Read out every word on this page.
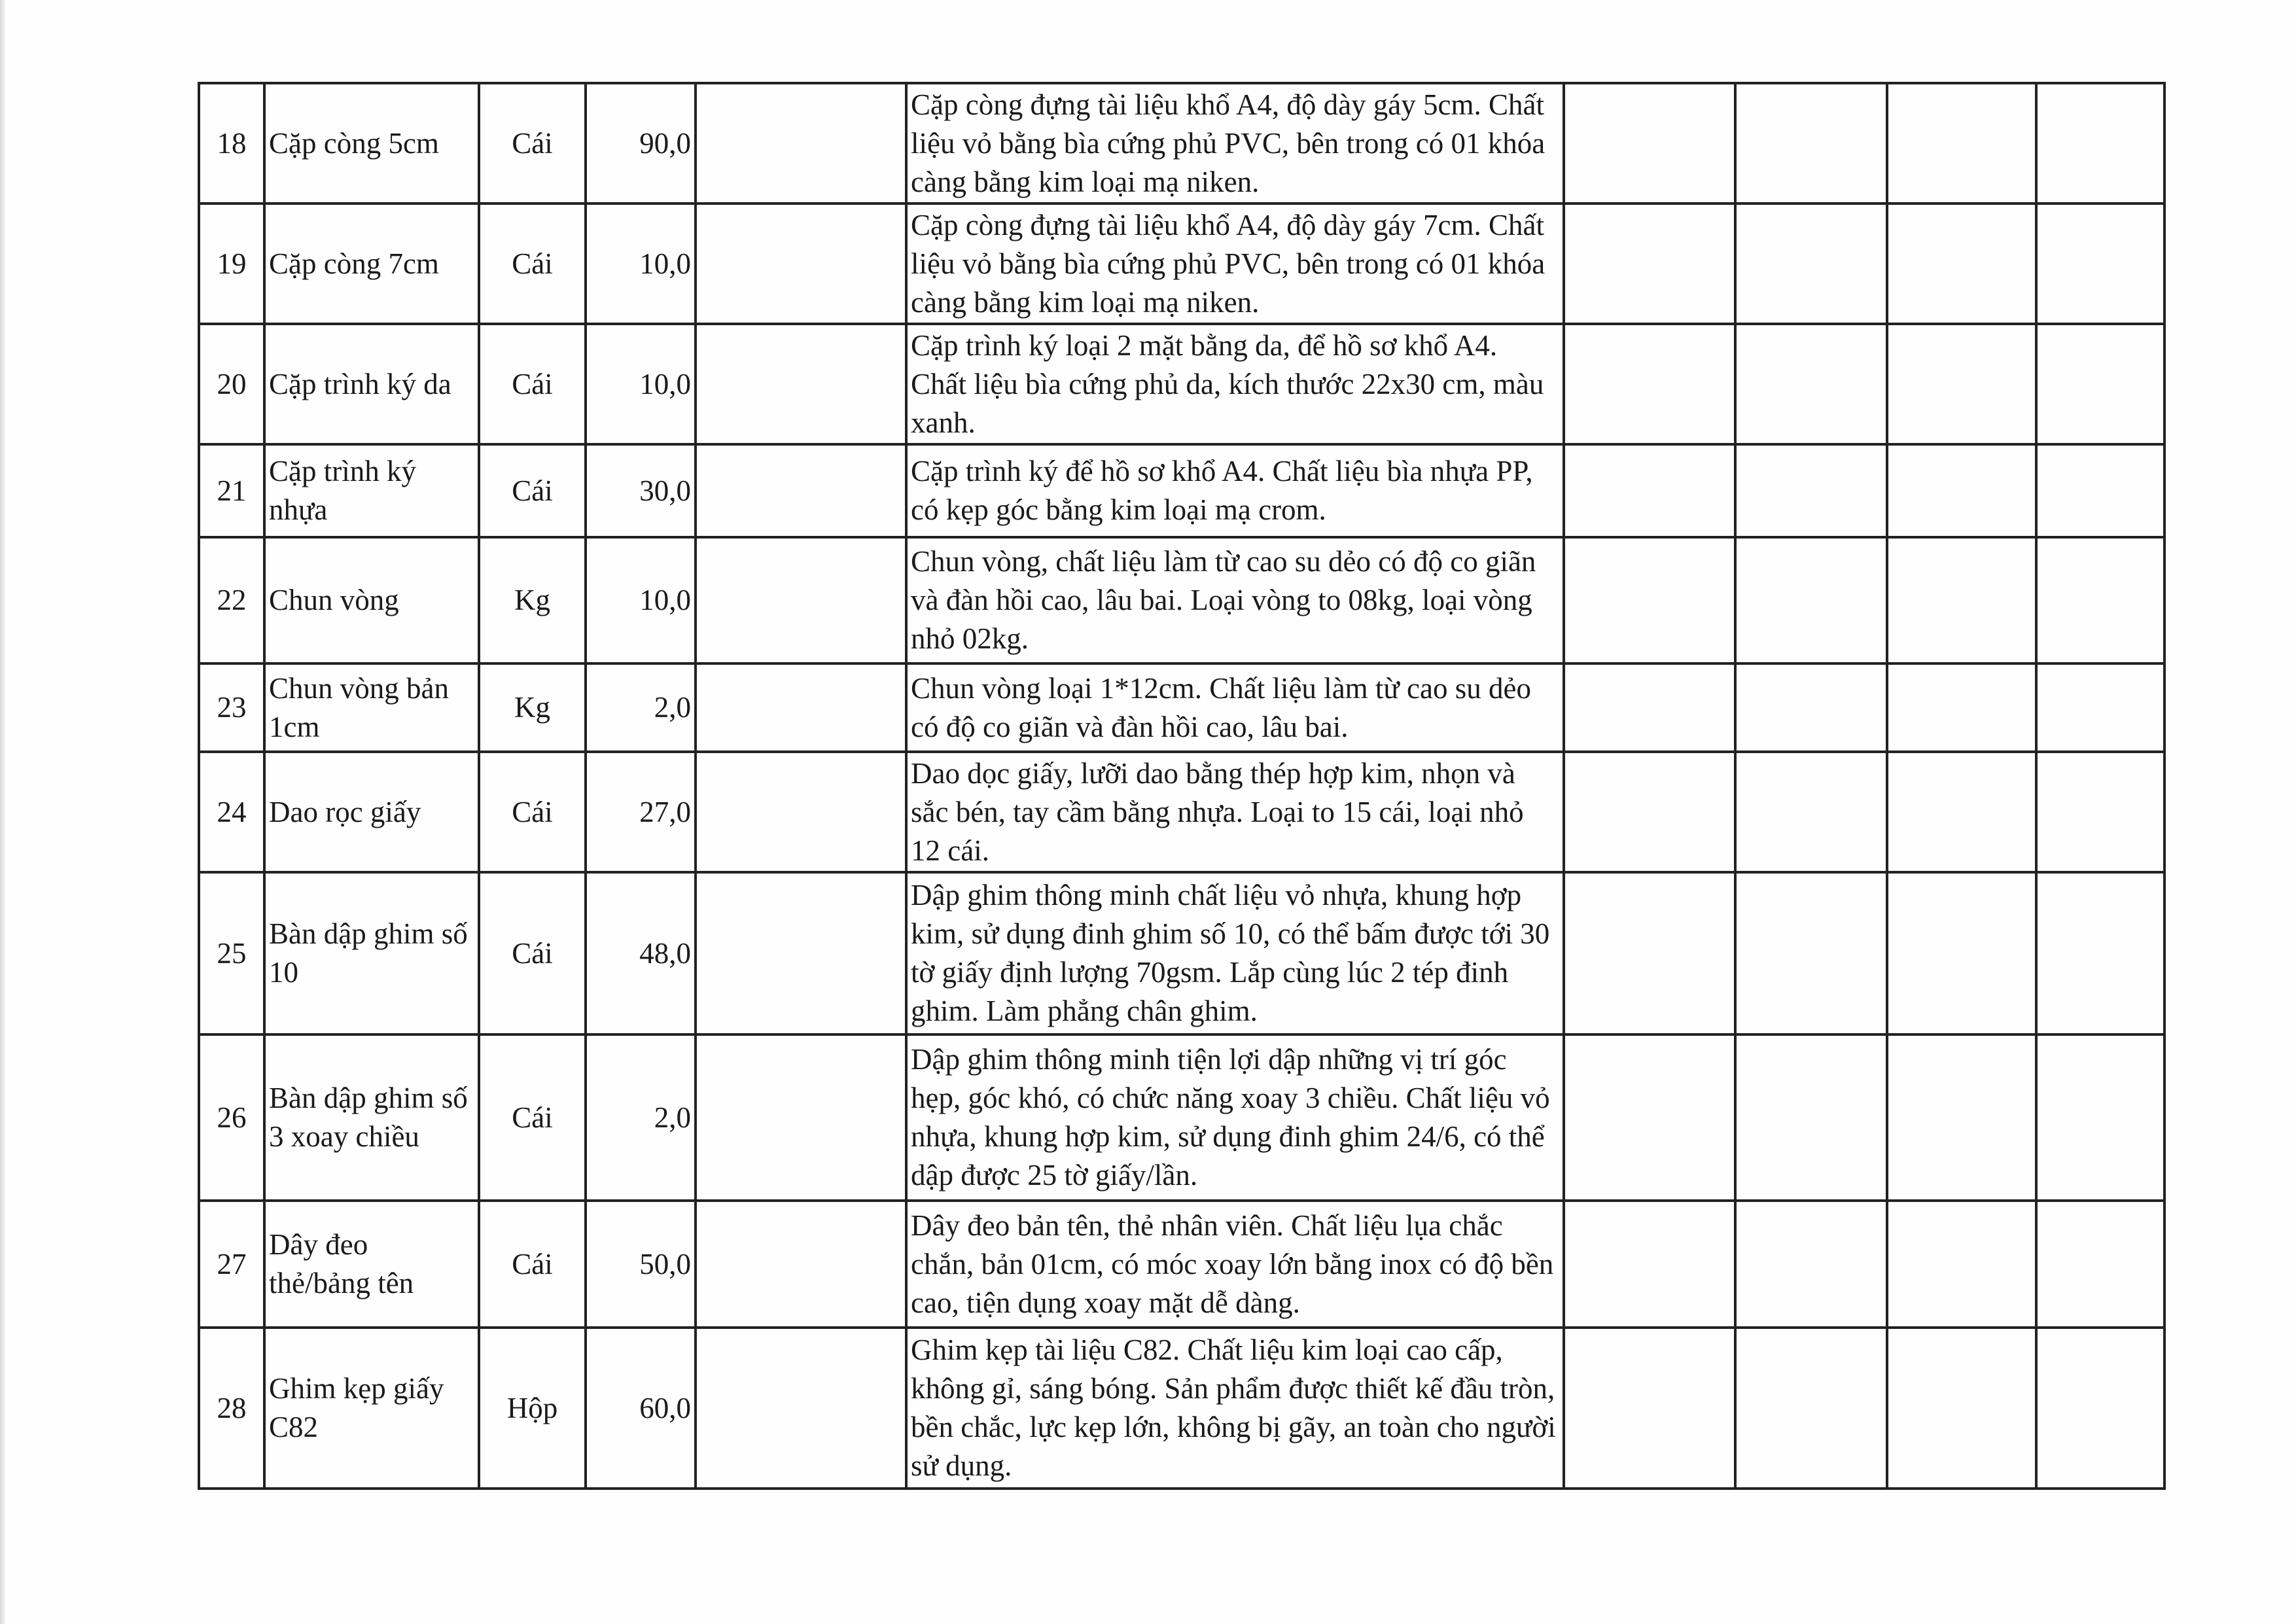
18	Cặp còng 5cm	Cái	90,0		Cặp còng đựng tài liệu khổ A4, độ dày gáy 5cm. Chất liệu vỏ bằng bìa cứng phủ PVC, bên trong có 01 khóa càng bằng kim loại mạ niken.				
19	Cặp còng 7cm	Cái	10,0		Cặp còng đựng tài liệu khổ A4, độ dày gáy 7cm. Chất liệu vỏ bằng bìa cứng phủ PVC, bên trong có 01 khóa càng bằng kim loại mạ niken.				
20	Cặp trình ký da	Cái	10,0		Cặp trình ký loại 2 mặt bằng da, để hồ sơ khổ A4. Chất liệu bìa cứng phủ da, kích thước 22x30 cm, màu xanh.				
21	Cặp trình ký nhựa	Cái	30,0		Cặp trình ký để hồ sơ khổ A4. Chất liệu bìa nhựa PP, có kẹp góc bằng kim loại mạ crom.				
22	Chun vòng	Kg	10,0		Chun vòng, chất liệu làm từ cao su dẻo có độ co giãn và đàn hồi cao, lâu bai. Loại vòng to 08kg, loại vòng nhỏ 02kg.				
23	Chun vòng bản 1cm	Kg	2,0		Chun vòng loại 1*12cm. Chất liệu làm từ cao su dẻo có độ co giãn và đàn hồi cao, lâu bai.				
24	Dao rọc giấy	Cái	27,0		Dao dọc giấy, lưỡi dao bằng thép hợp kim, nhọn và sắc bén, tay cầm bằng nhựa. Loại to 15 cái, loại nhỏ 12 cái.				
25	Bàn dập ghim số 10	Cái	48,0		Dập ghim thông minh chất liệu vỏ nhựa, khung hợp kim, sử dụng đinh ghim số 10, có thể bấm được tới 30 tờ giấy định lượng 70gsm. Lắp cùng lúc 2 tép đinh ghim. Làm phẳng chân ghim.				
26	Bàn dập ghim số 3 xoay chiều	Cái	2,0		Dập ghim thông minh tiện lợi dập những vị trí góc hẹp, góc khó, có chức năng xoay 3 chiều. Chất liệu vỏ nhựa, khung hợp kim, sử dụng đinh ghim 24/6, có thể dập được 25 tờ giấy/lần.				
27	Dây đeo thẻ/bảng tên	Cái	50,0		Dây đeo bản tên, thẻ nhân viên. Chất liệu lụa chắc chắn, bản 01cm, có móc xoay lớn bằng inox có độ bền cao, tiện dụng xoay mặt dễ dàng.				
28	Ghim kẹp giấy C82	Hộp	60,0		Ghim kẹp tài liệu C82. Chất liệu kim loại cao cấp, không gỉ, sáng bóng. Sản phẩm được thiết kế đầu tròn, bền chắc, lực kẹp lớn, không bị gãy, an toàn cho người sử dụng.				
